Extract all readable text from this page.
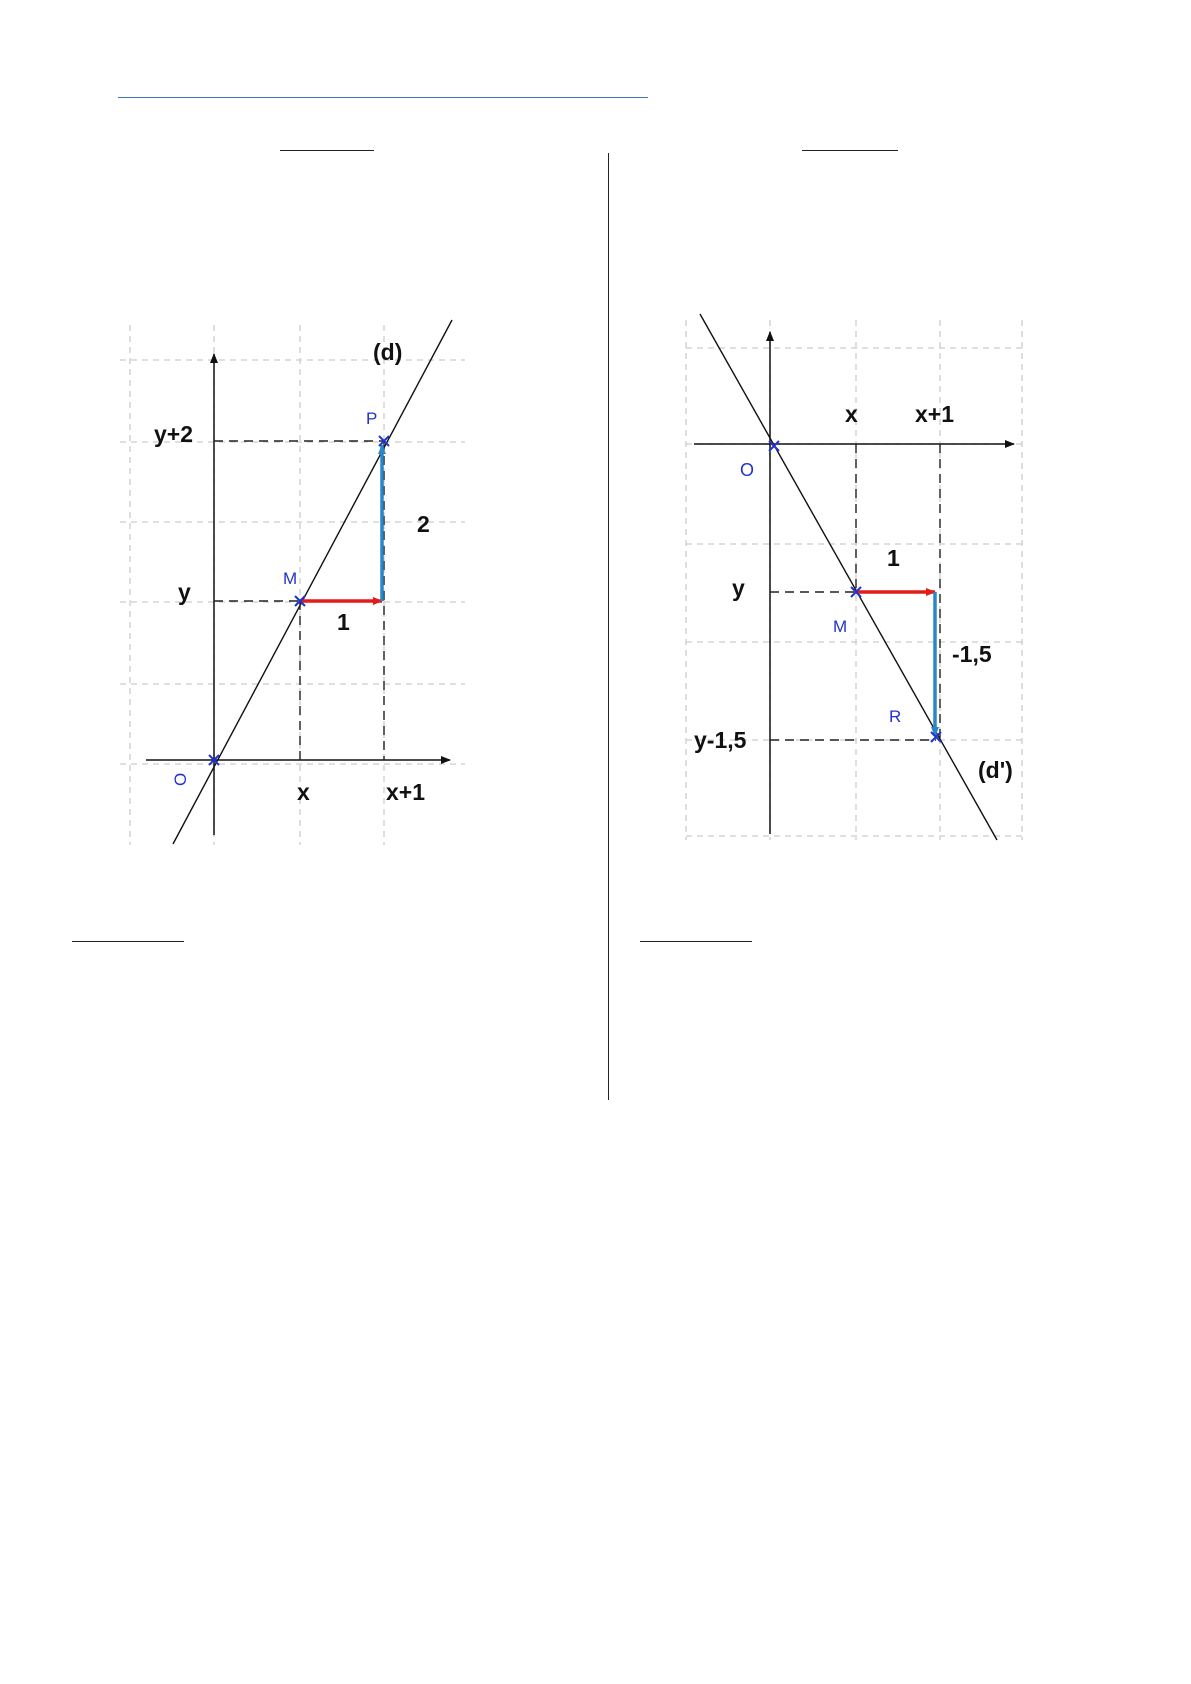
(d)
P
M
O
y+2
y
2
1
x	x+1
x x+1
O
1
y
M
-1,5
R
y-1,5
(d')
